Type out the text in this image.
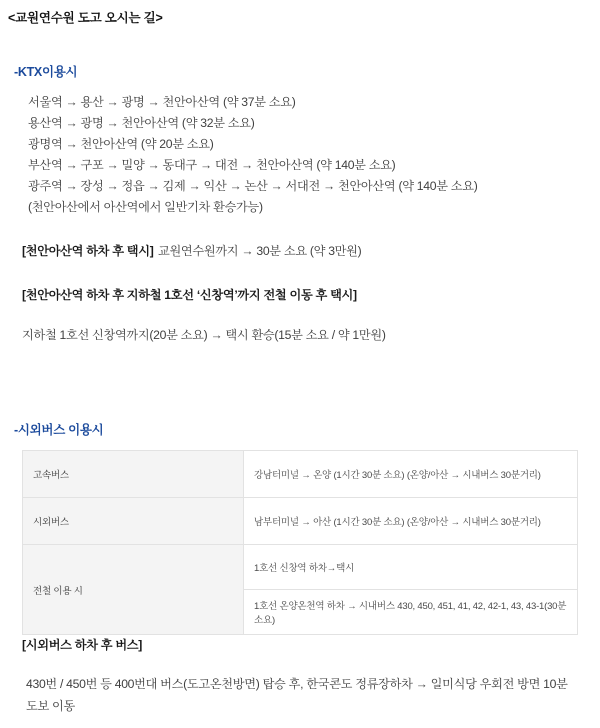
<교원연수원 도고 오시는 길>
-KTX이용시
서울역 → 용산 → 광명 → 천안아산역 (약 37분 소요)
용산역 → 광명 → 천안아산역 (약 32분 소요)
광명역 → 천안아산역 (약 20분 소요)
부산역 → 구포 → 밀양 → 동대구 → 대전 → 천안아산역 (약 140분 소요)
광주역 → 장성 → 정읍 → 김제 → 익산 → 논산 → 서대전 → 천안아산역 (약 140분 소요)
(천안아산에서 아산역에서 일반기차 환승가능)
[천안아산역 하차 후 택시] 교원연수원까지 → 30분 소요 (약 3만원)
[천안아산역 하차 후 지하철 1호선 ‘신창역’까지 전철 이동 후 택시]
지하철 1호선 신창역까지(20분 소요) → 택시 환승(15분 소요 / 약 1만원)
-시외버스 이용시
고속버스	강남터미널 → 온양 (1시간 30분 소요) (온양/아산 → 시내버스 30분거리)
시외버스	남부터미널 → 아산 (1시간 30분 소요) (온양/아산 → 시내버스 30분거리)
전철 이용 시	1호선 신창역 하차→택시
	1호선 온양온천역 하차 → 시내버스 430, 450, 451, 41, 42, 42-1, 43, 43-1(30분소요)
[시외버스 하차 후 버스]
430번 / 450번 등 400번대 버스(도고온천방면) 탑승 후, 한국콘도 정류장하차 → 일미식당 우회전 방면 10분 도보 이동
